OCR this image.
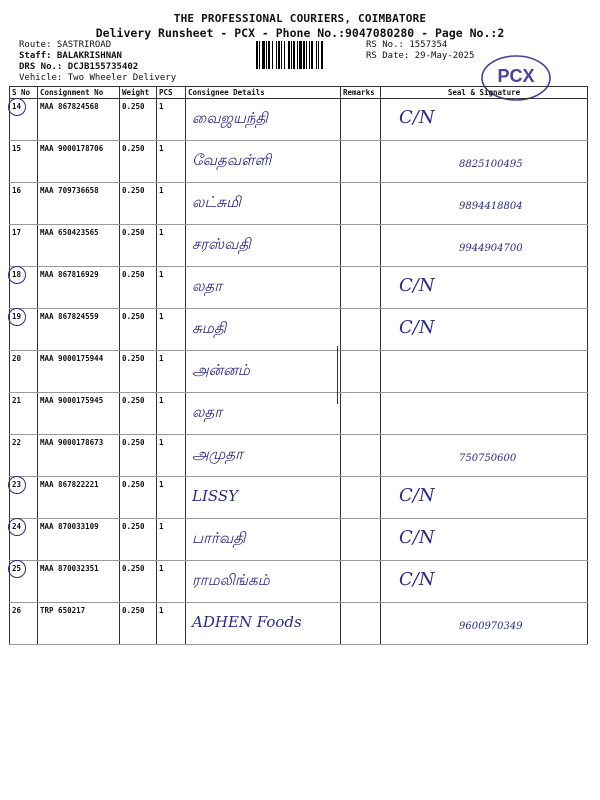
THE PROFESSIONAL COURIERS, COIMBATORE
Delivery Runsheet - PCX - Phone No.:9047080280 - Page No.:2
Route: SASTRIROAD
Staff: BALAKRISHNAN
DRS No.: DCJB155735402
Vehicle: Two Wheeler Delivery
RS No.: 1557354
RS Date: 29-May-2025
PCX
S No	Consignment No	Weight	PCS	Consignee Details	Remarks	Seal & Signature
14	MAA 867824568	0.250	1	வைஜயந்தி		C/N

15	MAA 9000178706	0.250	1	வேதவள்ளி		8825100495

16	MAA 709736658	0.250	1	லட்சுமி		9894418804

17	MAA 650423565	0.250	1	சரஸ்வதி		9944904700

18	MAA 867816929	0.250	1	லதா		C/N

19	MAA 867824559	0.250	1	சுமதி		C/N

20	MAA 9000175944	0.250	1	அன்னம்		

21	MAA 9000175945	0.250	1	லதா		

22	MAA 9000178673	0.250	1	அமுதா		750750600

23	MAA 867822221	0.250	1	LISSY		C/N

24	MAA 870033109	0.250	1	பார்வதி		C/N

25	MAA 870032351	0.250	1	ராமலிங்கம்		C/N

26	TRP 650217	0.250	1	ADHEN Foods		9600970349
